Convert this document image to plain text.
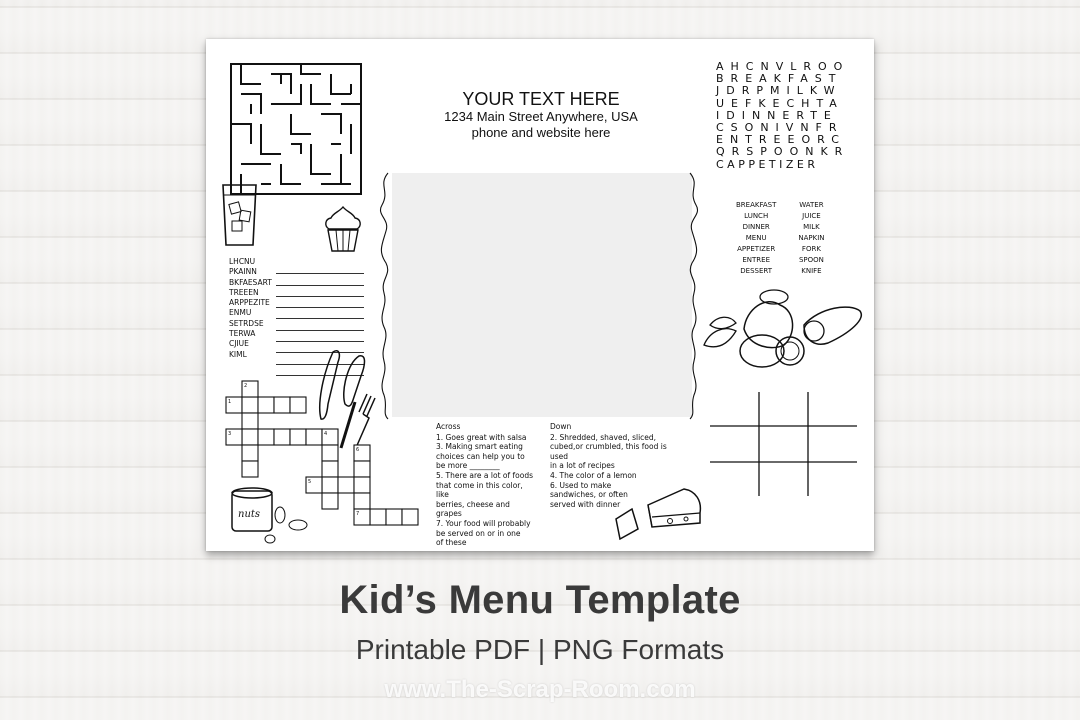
LHCNU
PKAINN
BKFAESART
TREEEN
ARPPEZITE
ENMU
SETRDSE
TERWA
CJIUE
KIML
1
2
3	4
5
6
7
nuts
YOUR TEXT HERE
1234 Main Street Anywhere, USA
phone and website here
Across
1. Goes great with salsa
3. Making smart eating
choices can help you to
be more ________
5. There are a lot of foods
that come in this color, like
berries, cheese and grapes
7. Your food will probably
be served on or in one
of these
Down
2. Shredded, shaved, sliced,
cubed,or crumbled, this food is used
in a lot of recipes
4. The color of a lemon
6. Used to make
sandwiches, or often
served with dinner
AHCNVLROO
BREAKFAST
JDRPMILKW
UEFKECHTA
IDINNERTE
CSONIVNFR
ENTREEORC
QRSPOONKR
CAPPETIZER
BREAKFAST
LUNCH
DINNER
MENU
APPETIZER
ENTREE
DESSERT
WATER
JUICE
MILK
NAPKIN
FORK
SPOON
KNIFE
Kid’s Menu Template
Printable PDF | PNG Formats
www.The-Scrap-Room.com
